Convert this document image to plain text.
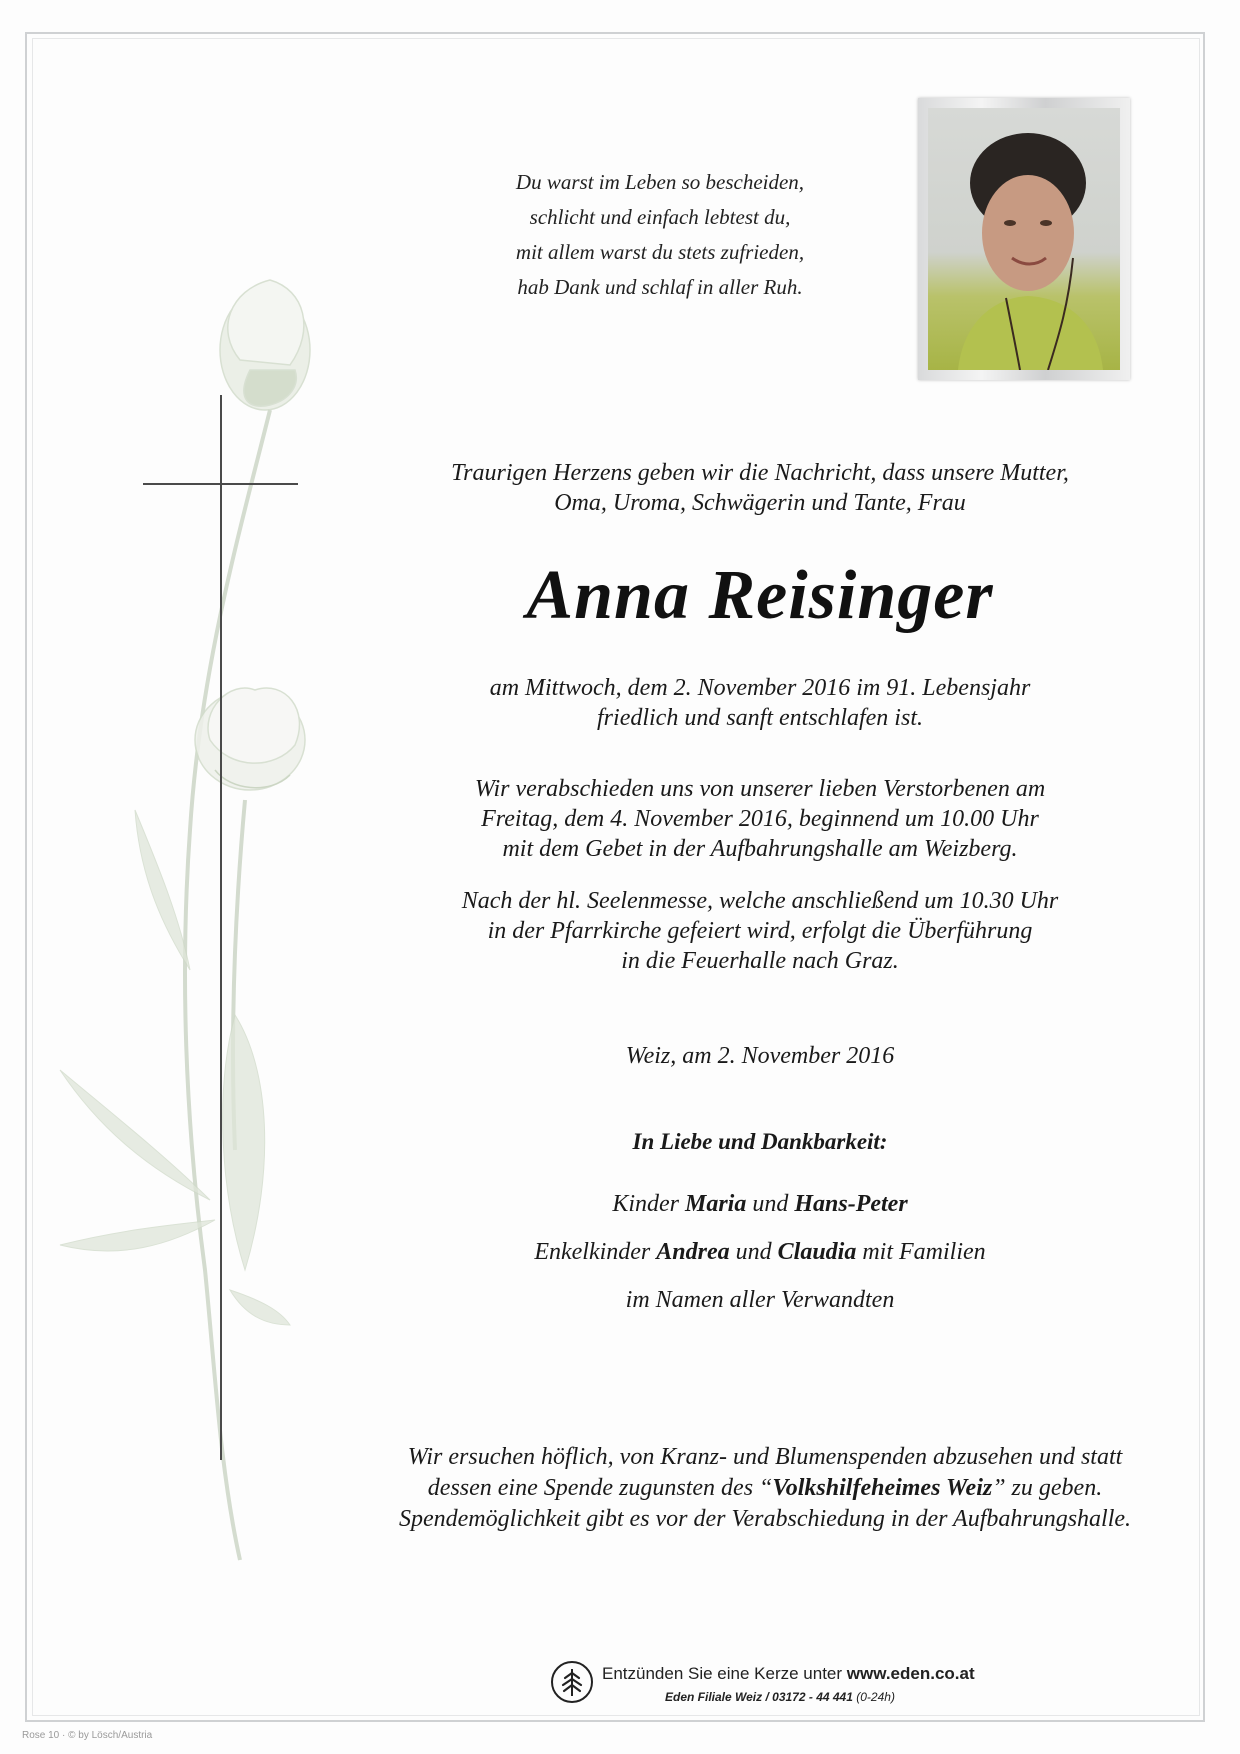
Du warst im Leben so bescheiden,
schlicht und einfach lebtest du,
mit allem warst du stets zufrieden,
hab Dank und schlaf in aller Ruh.
Traurigen Herzens geben wir die Nachricht, dass unsere Mutter,
Oma, Uroma, Schwägerin und Tante, Frau
Anna Reisinger
am Mittwoch, dem 2. November 2016 im 91. Lebensjahr
friedlich und sanft entschlafen ist.
Wir verabschieden uns von unserer lieben Verstorbenen am
Freitag, dem 4. November 2016, beginnend um 10.00 Uhr
mit dem Gebet in der Aufbahrungshalle am Weizberg.
Nach der hl. Seelenmesse, welche anschließend um 10.30 Uhr
in der Pfarrkirche gefeiert wird, erfolgt die Überführung
in die Feuerhalle nach Graz.
Weiz, am 2. November 2016
In Liebe und Dankbarkeit:
Kinder Maria und Hans-Peter
Enkelkinder Andrea und Claudia mit Familien
im Namen aller Verwandten
Wir ersuchen höflich, von Kranz- und Blumenspenden abzusehen und statt
dessen eine Spende zugunsten des “Volkshilfeheimes Weiz” zu geben.
Spendemöglichkeit gibt es vor der Verabschiedung in der Aufbahrungshalle.
Entzünden Sie eine Kerze unter www.eden.co.at
Eden Filiale Weiz / 03172 - 44 441 (0-24h)
Rose 10 · © by Lösch/Austria
